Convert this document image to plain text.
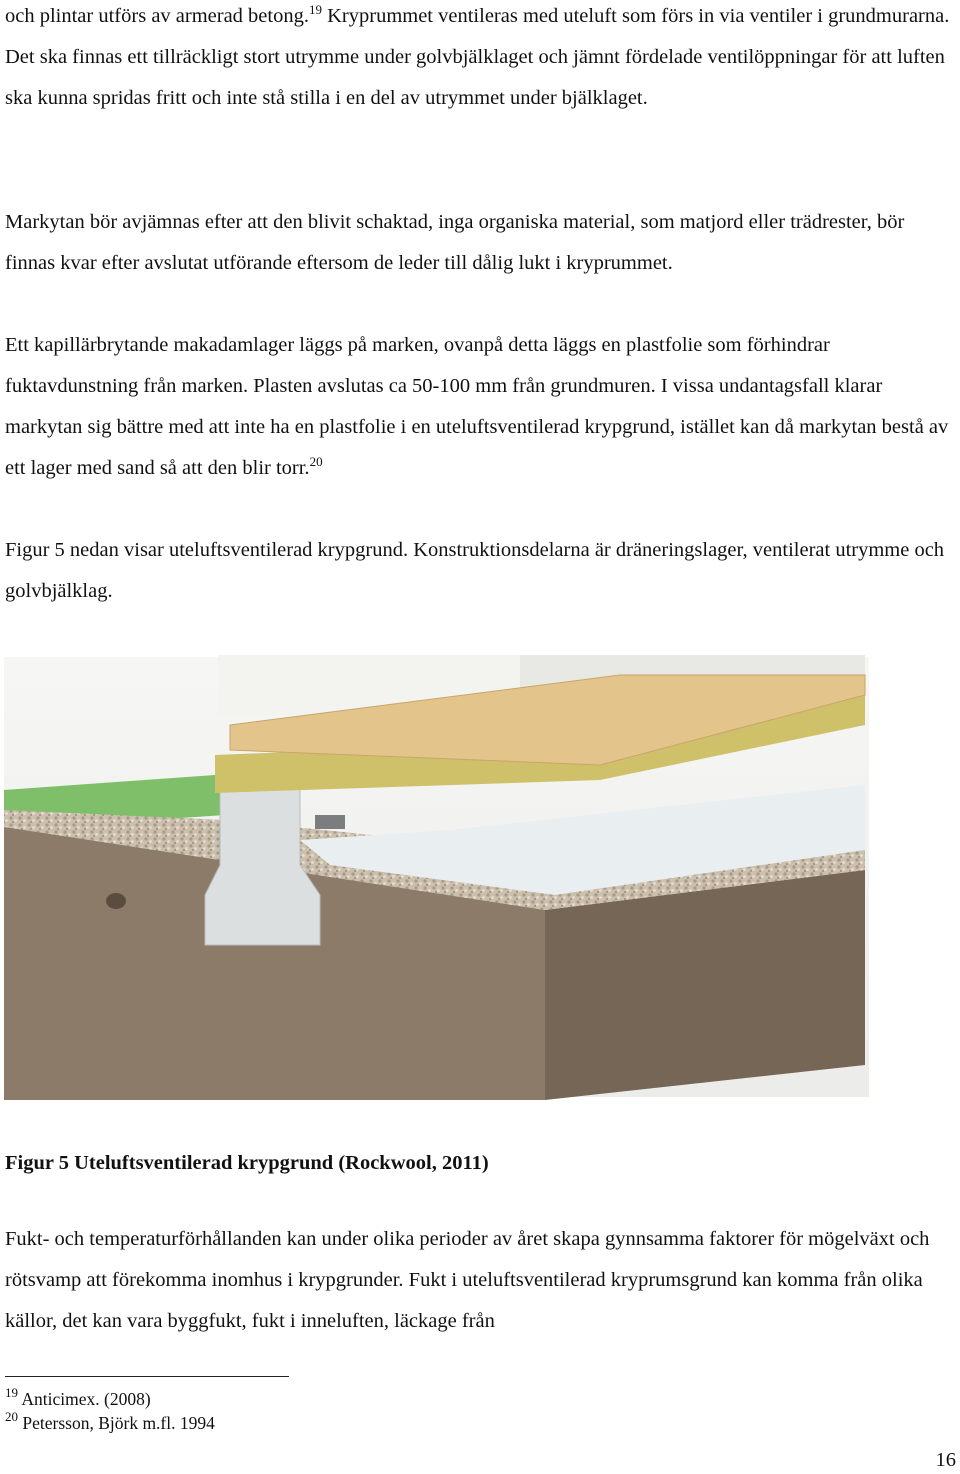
och plintar utförs av armerad betong.$^{19}$ Kryprummet ventileras med uteluft som förs in via ventiler i grundmurarna. Det ska finnas ett tillräckligt stort utrymme under golvbjälklaget och jämnt fördelade ventilöppningar för att luften ska kunna spridas fritt och inte stå stilla i en del av utrymmet under bjälklaget.

Markytan bör avjämnas efter att den blivit schaktad, inga organiska material, som matjord eller trädrester, bör finnas kvar efter avslutat utförande eftersom de leder till dålig lukt i kryprummet.

Ett kapillärbrytande makadamlager läggs på marken, ovanpå detta läggs en plastfolie som förhindrar fuktavdunstning från marken. Plasten avslutas ca 50-100 mm från grundmuren. I vissa undantagsfall klarar markytan sig bättre med att inte ha en plastfolie i en uteluftsventilerad krypgrund, istället kan då markytan bestå av ett lager med sand så att den blir torr.$^{20}$

Figur 5 nedan visar uteluftsventilerad krypgrund. Konstruktionsdelarna är dräneringslager, ventilerat utrymme och golvbjälklag.

Figur 5 Uteluftsventilerad krypgrund (Rockwool, 2011)

Fukt- och temperaturförhållanden kan under olika perioder av året skapa gynnsamma faktorer för mögelväxt och rötsvamp att förekomma inomhus i krypgrunder. Fukt i uteluftsventilerad kryprumsgrund kan komma från olika källor, det kan vara byggfukt, fukt i inneluften, läckage från

$^{19}$ Anticimex. (2008)

$^{20}$ Petersson, Björk m.fl. 1994

16
